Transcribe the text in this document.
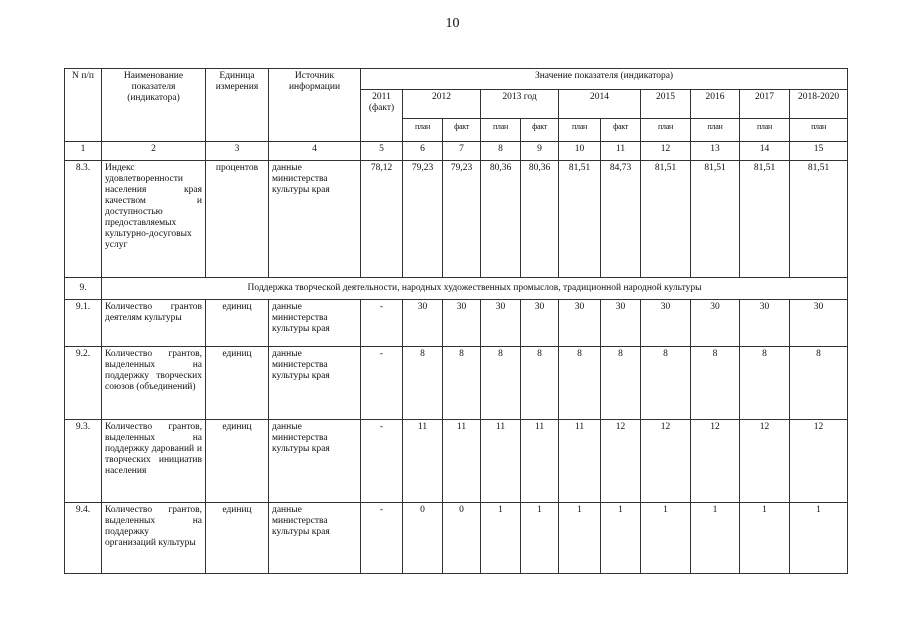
10
N п/п	Наименование показателя (индикатора)	Единица измерения	Источник информации	Значение показателя (индикатора)										
				2011 (факт)	2012		2013 год		2014		2015	2016	2017	2018-2020
					план	факт	план	факт	план	факт	план	план	план	план
1	2	3	4	5	6	7	8	9	10	11	12	13	14	15
8.3.	Индекс удовлетворенности населения края качеством и доступностью предоставляемых культурно-досуговых услуг	процентов	данные министерства культуры края	78,12	79,23	79,23	80,36	80,36	81,51	84,73	81,51	81,51	81,51	81,51
9.	Поддержка творческой деятельности, народных художественных промыслов, традиционной народной культуры													
9.1.	Количество грантов деятелям культуры	единиц	данные министерства культуры края	-	30	30	30	30	30	30	30	30	30	30
9.2.	Количество грантов, выделенных на поддержку творческих союзов (объединений)	единиц	данные министерства культуры края	-	8	8	8	8	8	8	8	8	8	8
9.3.	Количество грантов, выделенных на поддержку дарований и творческих инициатив населения	единиц	данные министерства культуры края	-	11	11	11	11	11	12	12	12	12	12
9.4.	Количество грантов, выделенных на поддержку организаций культуры	единиц	данные министерства культуры края	-	0	0	1	1	1	1	1	1	1	1
